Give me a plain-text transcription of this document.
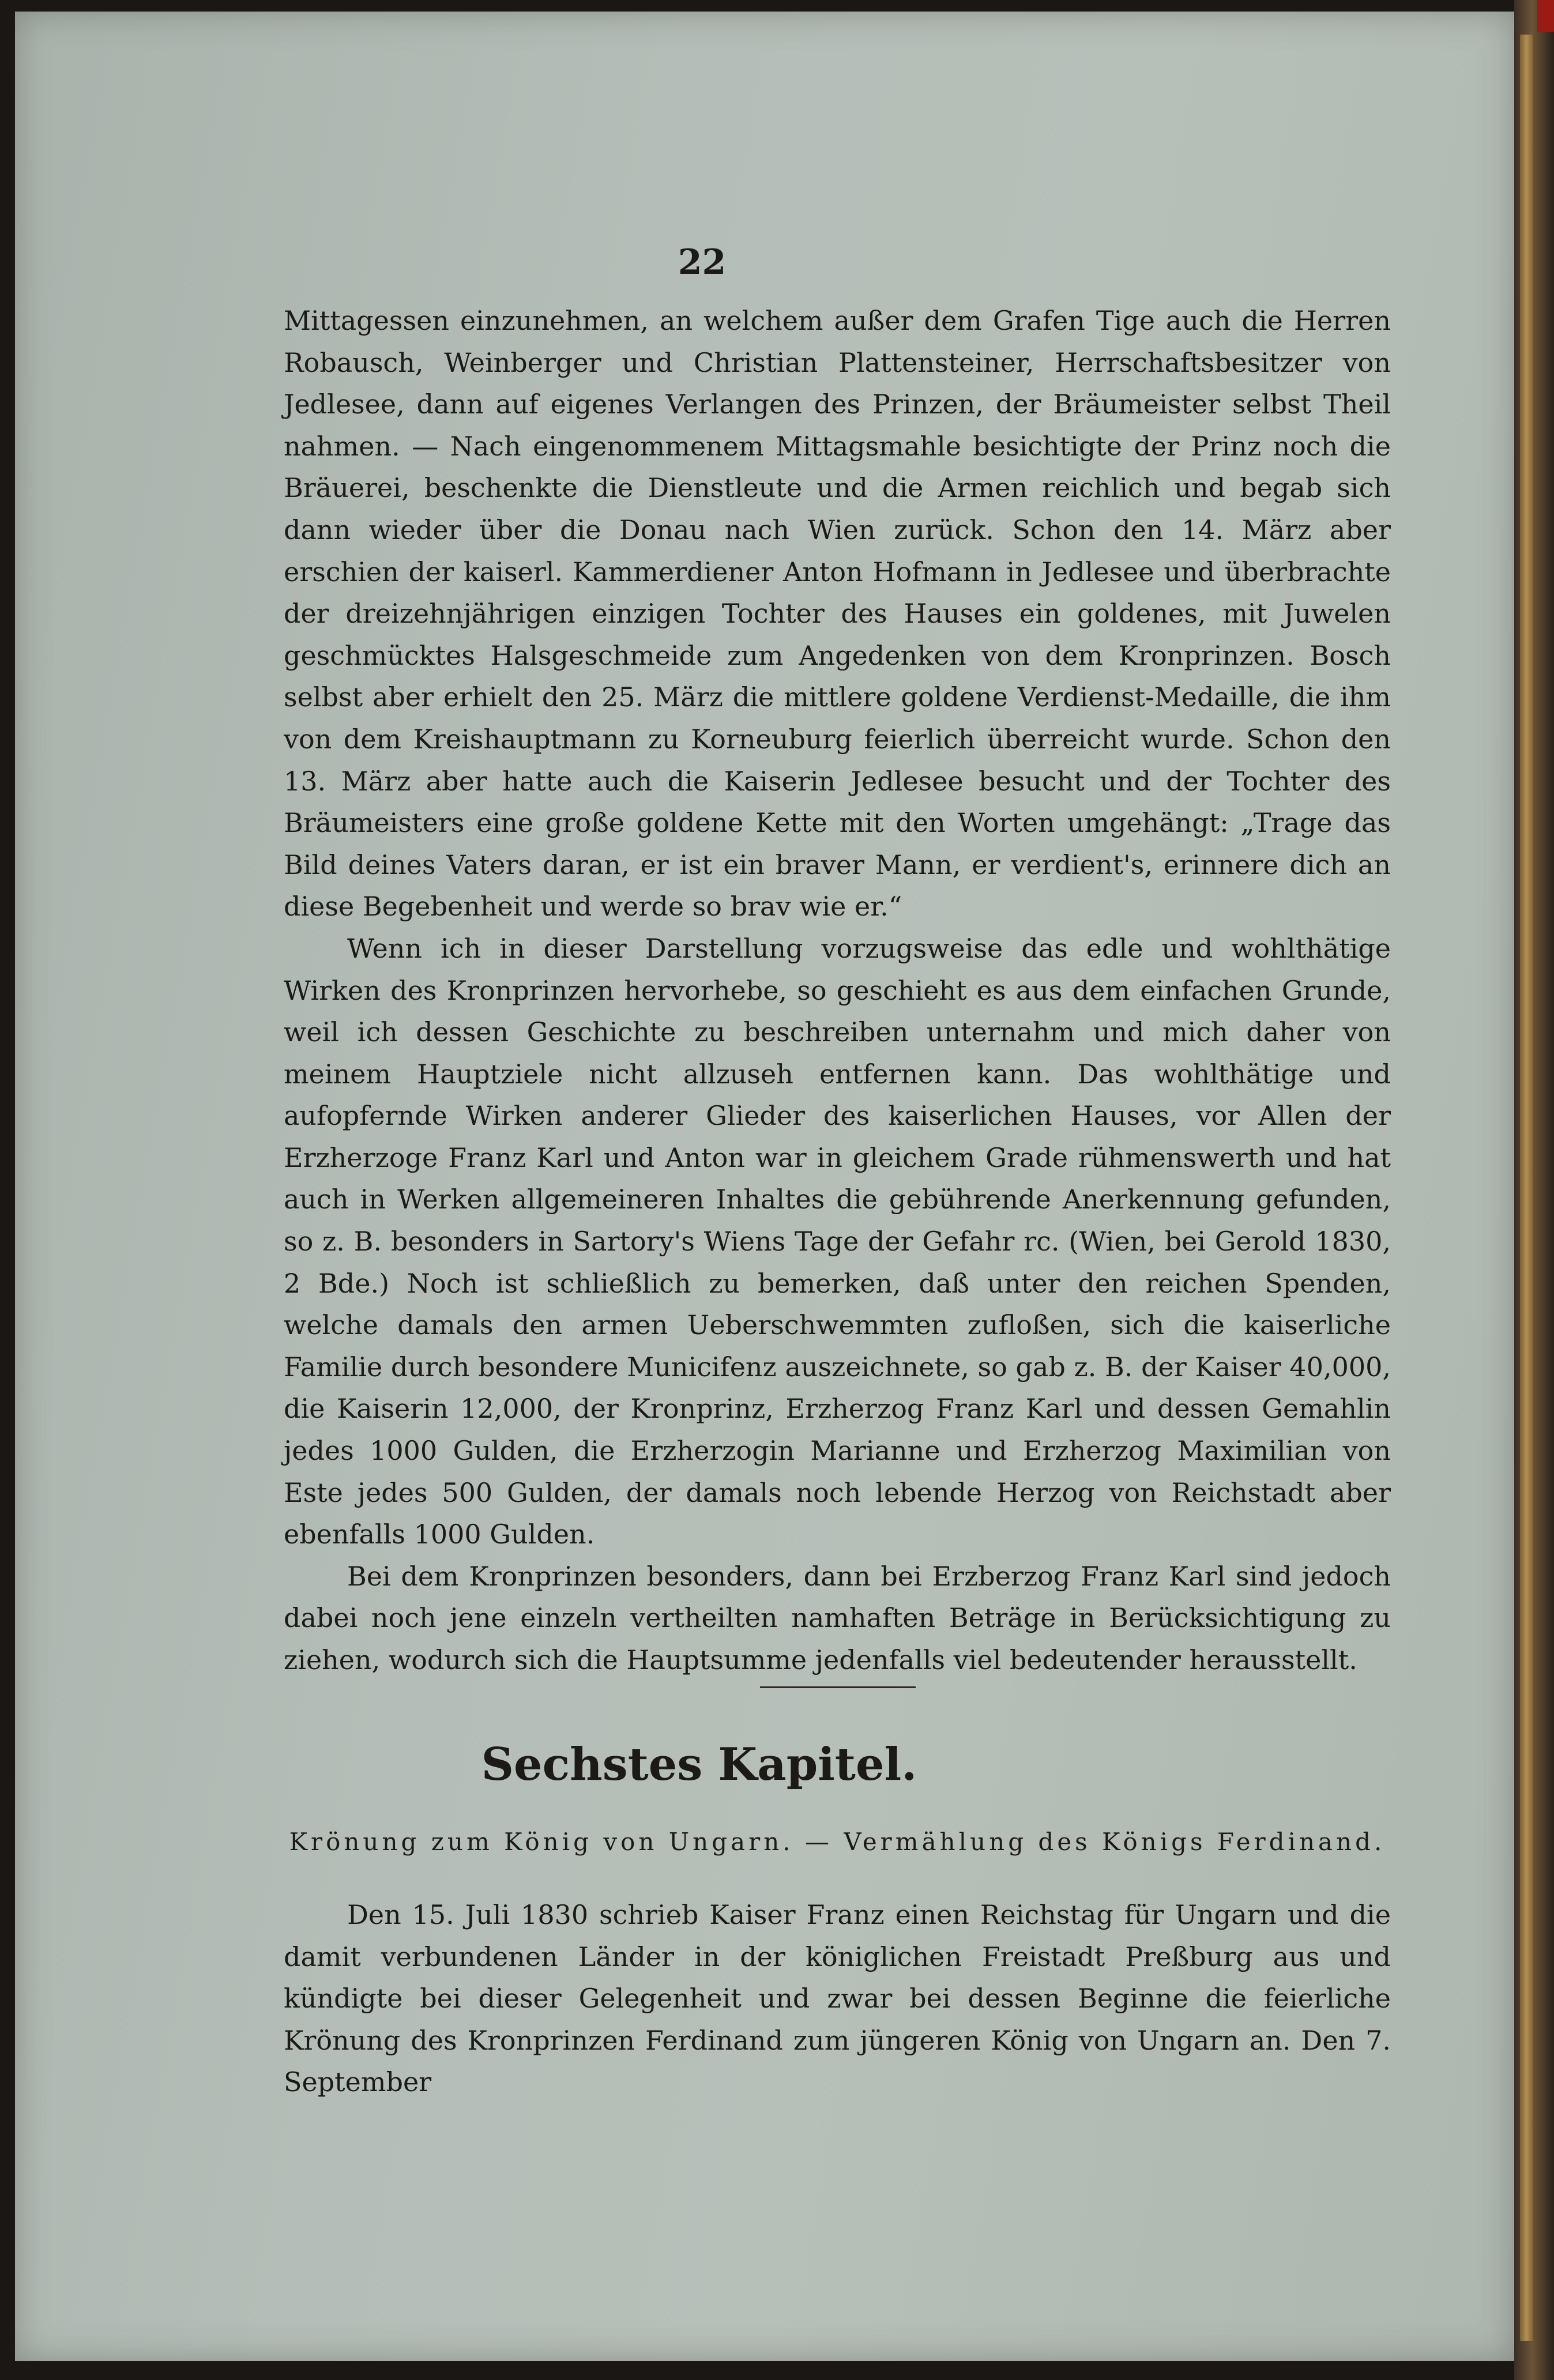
22

Mittagessen einzunehmen, an welchem außer dem Grafen Tige auch die Herren Robausch, Weinberger und Christian Plattensteiner, Herrschaftsbesitzer von Jedlesee, dann auf eigenes Verlangen des Prinzen, der Bräumeister selbst Theil nahmen. — Nach eingenommenem Mittagsmahle besichtigte der Prinz noch die Bräuerei, beschenkte die Dienstleute und die Armen reichlich und begab sich dann wieder über die Donau nach Wien zurück. Schon den 14. März aber erschien der kaiserl. Kammerdiener Anton Hofmann in Jedlesee und überbrachte der dreizehnjährigen einzigen Tochter des Hauses ein goldenes, mit Juwelen geschmücktes Halsgeschmeide zum Angedenken von dem Kronprinzen. Bosch selbst aber erhielt den 25. März die mittlere goldene Verdienst-Medaille, die ihm von dem Kreishauptmann zu Korneuburg feierlich überreicht wurde. Schon den 13. März aber hatte auch die Kaiserin Jedlesee besucht und der Tochter des Bräumeisters eine große goldene Kette mit den Worten umgehängt: „Trage das Bild deines Vaters daran, er ist ein braver Mann, er verdient's, erinnere dich an diese Begebenheit und werde so brav wie er.“

Wenn ich in dieser Darstellung vorzugsweise das edle und wohlthätige Wirken des Kronprinzen hervorhebe, so geschieht es aus dem einfachen Grunde, weil ich dessen Geschichte zu beschreiben unternahm und mich daher von meinem Hauptziele nicht allzuseh entfernen kann. Das wohlthätige und aufopfernde Wirken anderer Glieder des kaiserlichen Hauses, vor Allen der Erzherzoge Franz Karl und Anton war in gleichem Grade rühmenswerth und hat auch in Werken allgemeineren Inhaltes die gebührende Anerkennung gefunden, so z. B. besonders in Sartory's Wiens Tage der Gefahr rc. (Wien, bei Gerold 1830, 2 Bde.) Noch ist schließlich zu bemerken, daß unter den reichen Spenden, welche damals den armen Ueberschwemmten zufloßen, sich die kaiserliche Familie durch besondere Municifenz auszeichnete, so gab z. B. der Kaiser 40,000, die Kaiserin 12,000, der Kronprinz, Erzherzog Franz Karl und dessen Gemahlin jedes 1000 Gulden, die Erzherzogin Marianne und Erzherzog Maximilian von Este jedes 500 Gulden, der damals noch lebende Herzog von Reichstadt aber ebenfalls 1000 Gulden.

Bei dem Kronprinzen besonders, dann bei Erzberzog Franz Karl sind jedoch dabei noch jene einzeln vertheilten namhaften Beträge in Berücksichtigung zu ziehen, wodurch sich die Hauptsumme jedenfalls viel bedeutender herausstellt.

Sechstes Kapitel.
Krönung zum König von Ungarn. — Vermählung des Königs Ferdinand.

Den 15. Juli 1830 schrieb Kaiser Franz einen Reichstag für Ungarn und die damit verbundenen Länder in der königlichen Freistadt Preßburg aus und kündigte bei dieser Gelegenheit und zwar bei dessen Beginne die feierliche Krönung des Kronprinzen Ferdinand zum jüngeren König von Ungarn an. Den 7. September
